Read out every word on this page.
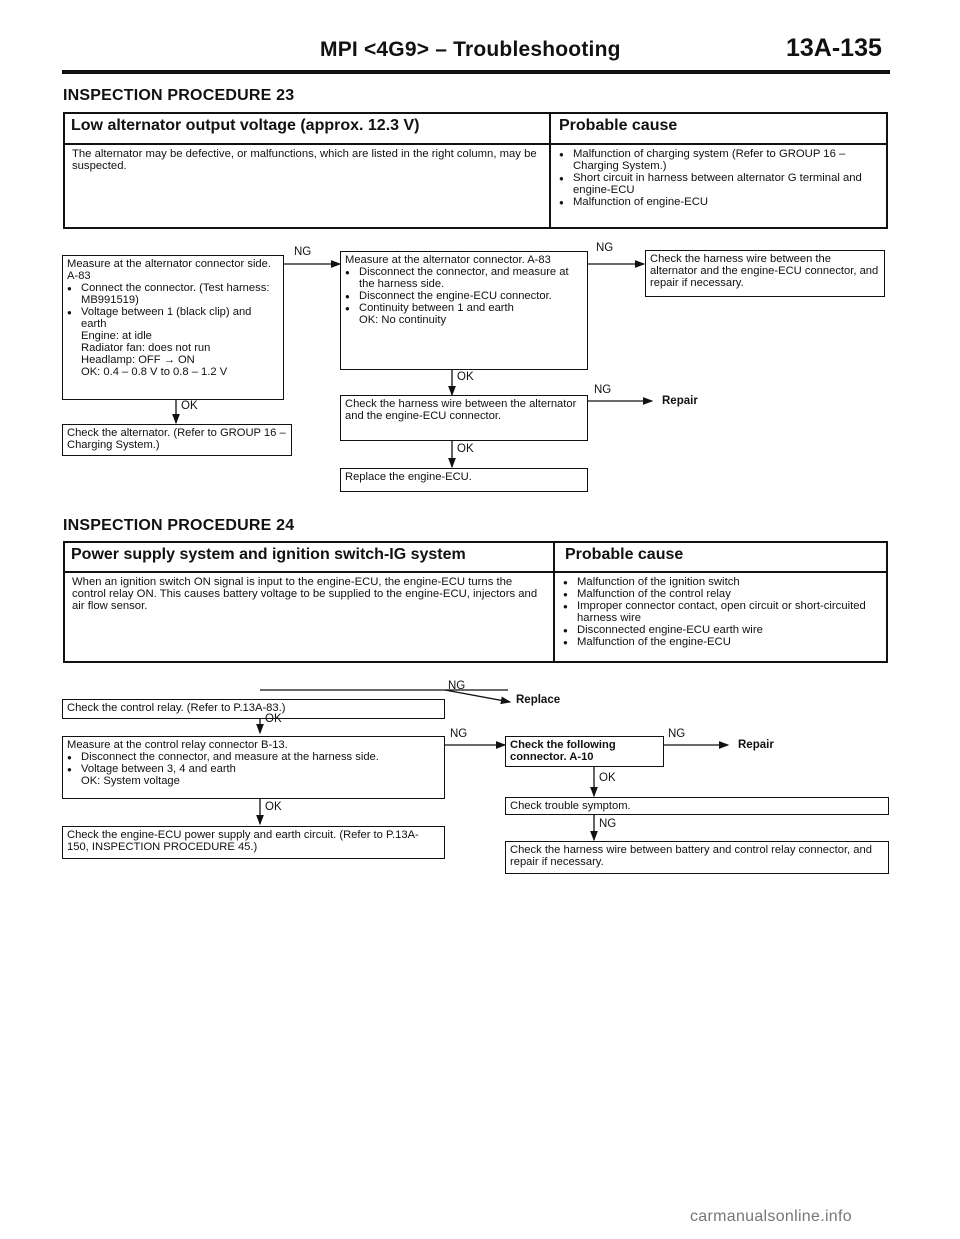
MPI <4G9> – Troubleshooting	13A-135
INSPECTION PROCEDURE 23
Low alternator output voltage (approx. 12.3 V)	Probable cause
The alternator may be defective, or malfunctions, which are listed in the right column, may be suspected.
● Malfunction of charging system (Refer to GROUP 16 – Charging System.)
● Short circuit in harness between alternator G terminal and engine-ECU
● Malfunction of engine-ECU
Measure at the alternator connector side. A-83
● Connect the connector. (Test harness: MB991519)
● Voltage between 1 (black clip) and earth
Engine: at idle
Radiator fan: does not run
Headlamp: OFF → ON
OK: 0.4 – 0.8 V to 0.8 – 1.2 V
NG
OK
Check the alternator. (Refer to GROUP 16 – Charging System.)
Measure at the alternator connector. A-83
● Disconnect the connector, and measure at the harness side.
● Disconnect the engine-ECU connector.
● Continuity between 1 and earth
OK: No continuity
NG
Check the harness wire between the alternator and the engine-ECU connector, and repair if necessary.
OK
Check the harness wire between the alternator and the engine-ECU connector.
NG
Repair
OK
Replace the engine-ECU.
INSPECTION PROCEDURE 24
Power supply system and ignition switch-IG system	Probable cause
When an ignition switch ON signal is input to the engine-ECU, the engine-ECU turns the control relay ON. This causes battery voltage to be supplied to the engine-ECU, injectors and air flow sensor.
● Malfunction of the ignition switch
● Malfunction of the control relay
● Improper connector contact, open circuit or short-circuited harness wire
● Disconnected engine-ECU earth wire
● Malfunction of the engine-ECU
Check the control relay. (Refer to P.13A-83.)
NG
Replace
OK
Measure at the control relay connector B-13.
● Disconnect the connector, and measure at the harness side.
● Voltage between 3, 4 and earth
OK: System voltage
NG
OK
Check the engine-ECU power supply and earth circuit. (Refer to P.13A-150, INSPECTION PROCEDURE 45.)
Check the following connector. A-10
NG
Repair
OK
Check trouble symptom.
NG
Check the harness wire between battery and control relay connector, and repair if necessary.
carmanualsonline.info
